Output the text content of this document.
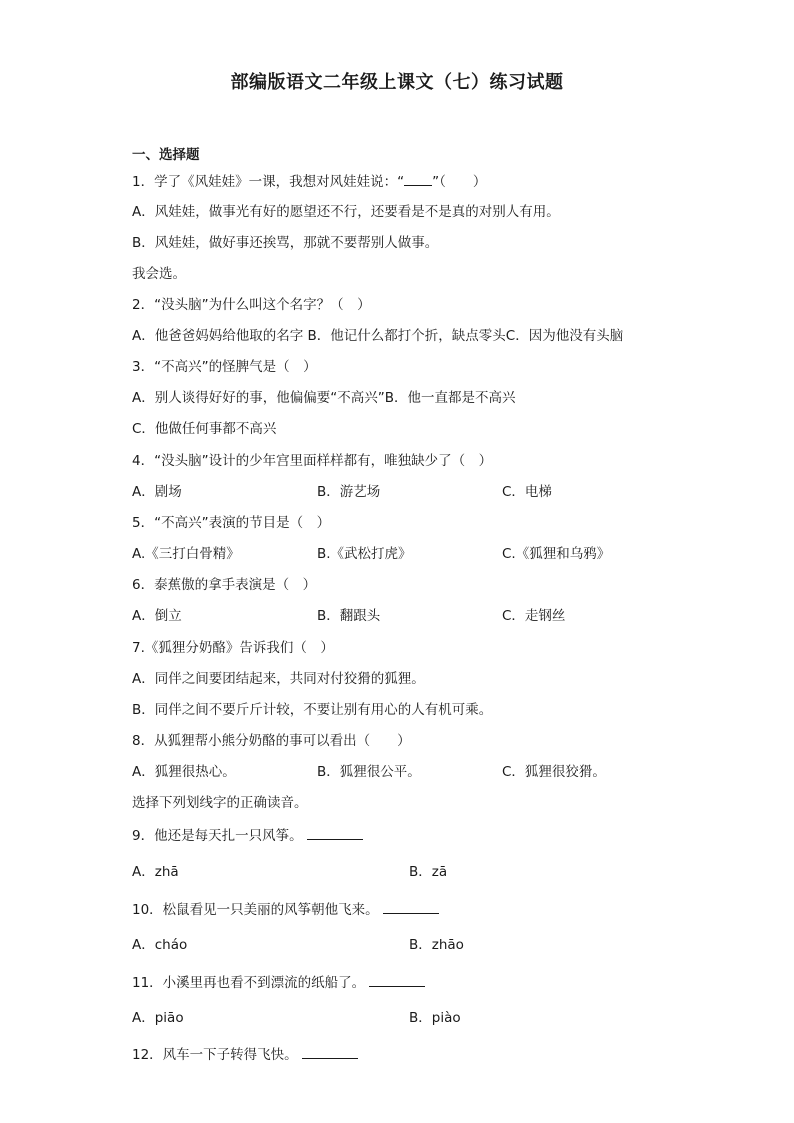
部编版语文二年级上课文（七）练习试题
一、选择题
1．学了《风娃娃》一课，我想对风娃娃说：“ ”（　　）
A．风娃娃，做事光有好的愿望还不行，还要看是不是真的对别人有用。
B．风娃娃，做好事还挨骂，那就不要帮别人做事。
我会选。
2．“没头脑”为什么叫这个名字？（　）
A．他爸爸妈妈给他取的名字 B．他记什么都打个折，缺点零头C．因为他没有头脑
3．“不高兴”的怪脾气是（　）
A．别人谈得好好的事，他偏偏要“不高兴”B．他一直都是不高兴
C．他做任何事都不高兴
4．“没头脑”设计的少年宫里面样样都有，唯独缺少了（　）
A．剧场	B．游艺场	C．电梯
5．“不高兴”表演的节目是（　）
A.《三打白骨精》	B.《武松打虎》	C.《狐狸和乌鸦》
6．泰蕉傲的拿手表演是（　）
A．倒立	B．翻跟头	C．走钢丝
7.《狐狸分奶酪》告诉我们（　）
A．同伴之间要团结起来，共同对付狡猾的狐狸。
B．同伴之间不要斤斤计较，不要让别有用心的人有机可乘。
8．从狐狸帮小熊分奶酪的事可以看出（　　）
A．狐狸很热心。	B．狐狸很公平。	C．狐狸很狡猾。
选择下列划线字的正确读音。
9．他还是每天扎一只风筝。
A．zhā	B．zā
10．松鼠看见一只美丽的风筝朝他飞来。
A．cháo	B．zhāo
11．小溪里再也看不到漂流的纸船了。
A．piāo	B．piào
12．风车一下子转得飞快。
